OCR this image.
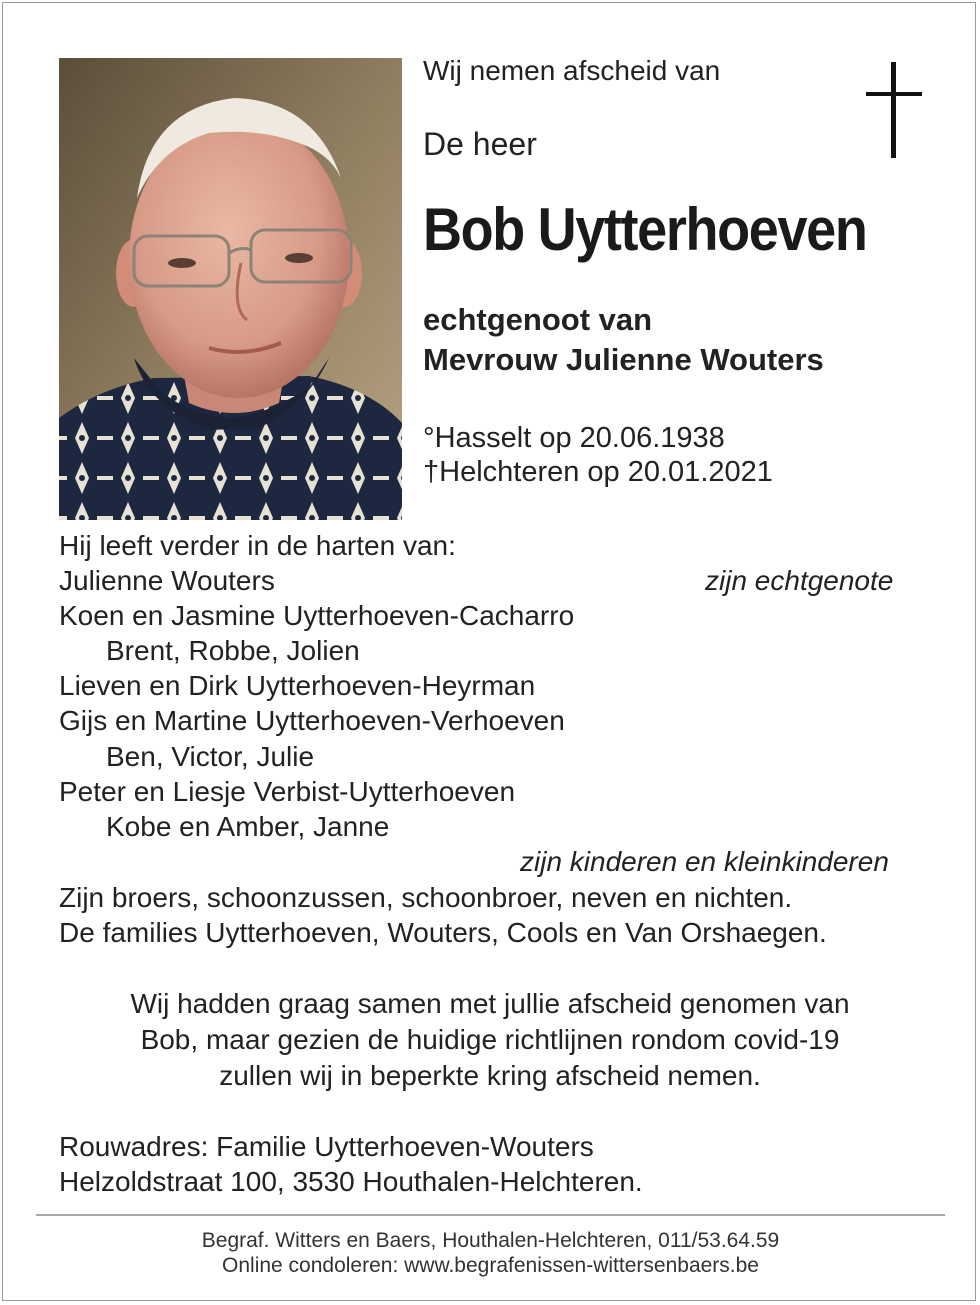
Wij nemen afscheid van
De heer
Bob Uytterhoeven
echtgenoot van
Mevrouw Julienne Wouters
°Hasselt op 20.06.1938
†Helchteren op 20.01.2021
Hij leeft verder in de harten van:
Julienne Wouters	zijn echtgenote
Koen en Jasmine Uytterhoeven-Cacharro
Brent, Robbe, Jolien
Lieven en Dirk Uytterhoeven-Heyrman
Gijs en Martine Uytterhoeven-Verhoeven
Ben, Victor, Julie
Peter en Liesje Verbist-Uytterhoeven
Kobe en Amber, Janne
zijn kinderen en kleinkinderen
Zijn broers, schoonzussen, schoonbroer, neven en nichten.
De families Uytterhoeven, Wouters, Cools en Van Orshaegen.
Wij hadden graag samen met jullie afscheid genomen van
Bob, maar gezien de huidige richtlijnen rondom covid-19
zullen wij in beperkte kring afscheid nemen.
Rouwadres: Familie Uytterhoeven-Wouters
Helzoldstraat 100, 3530 Houthalen-Helchteren.
Begraf. Witters en Baers, Houthalen-Helchteren, 011/53.64.59
Online condoleren: www.begrafenissen-wittersenbaers.be
